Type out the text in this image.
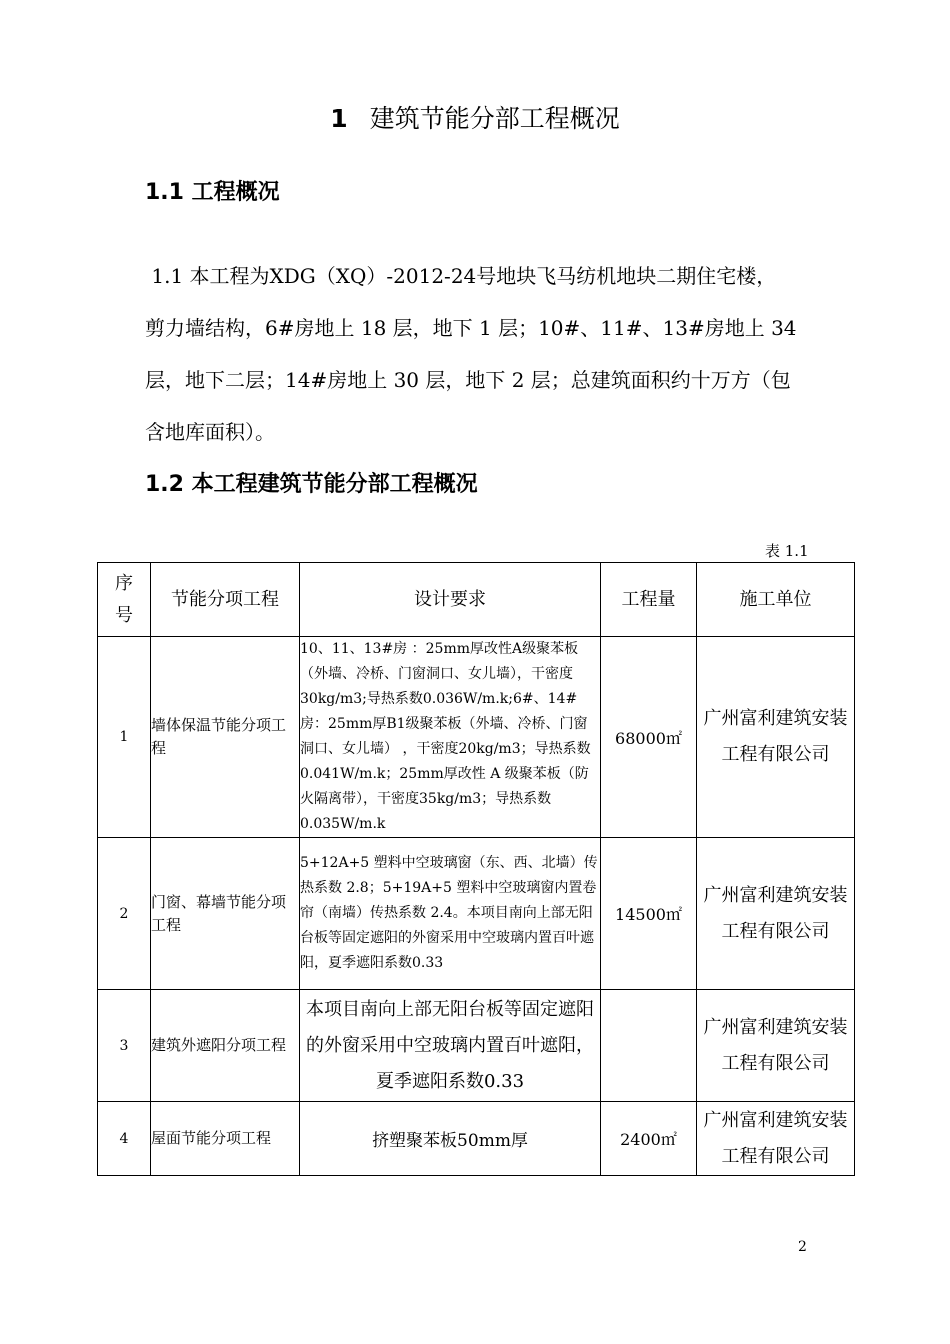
1 建筑节能分部工程概况
1.1 工程概况
1.1 本工程为XDG（XQ）-2012-24号地块飞马纺机地块二期住宅楼，
剪力墙结构，6#房地上 18 层，地下 1 层；10#、11#、13#房地上 34
层，地下二层；14#房地上 30 层，地下 2 层；总建筑面积约十万方（包
含地库面积）。
1.2 本工程建筑节能分部工程概况
表 1.1
序
号	节能分项工程	设计要求	工程量	施工单位
1	墙体保温节能分项工程	10、11、13#房 ：25mm厚改性A级聚苯板（外墙、冷桥、门窗洞口、女儿墙），干密度30kg/m3;导热系数0.036W/m.k;6#、14#房：25mm厚B1级聚苯板（外墙、冷桥、门窗洞口、女儿墙） ，干密度20kg/m3；导热系数 0.041W/m.k；25mm厚改性 A 级聚苯板（防火隔离带），干密度35kg/m3；导热系数0.035W/m.k	68000㎡	广州富利建筑安装工程有限公司
2	门窗、幕墙节能分项工程	5+12A+5 塑料中空玻璃窗（东、西、北墙）传热系数 2.8；5+19A+5 塑料中空玻璃窗内置卷帘（南墙）传热系数 2.4。本项目南向上部无阳台板等固定遮阳的外窗采用中空玻璃内置百叶遮阳，夏季遮阳系数0.33	14500㎡	广州富利建筑安装工程有限公司
3	建筑外遮阳分项工程	本项目南向上部无阳台板等固定遮阳的外窗采用中空玻璃内置百叶遮阳，夏季遮阳系数0.33		广州富利建筑安装工程有限公司
4	屋面节能分项工程	挤塑聚苯板50mm厚	2400㎡	广州富利建筑安装工程有限公司
2
